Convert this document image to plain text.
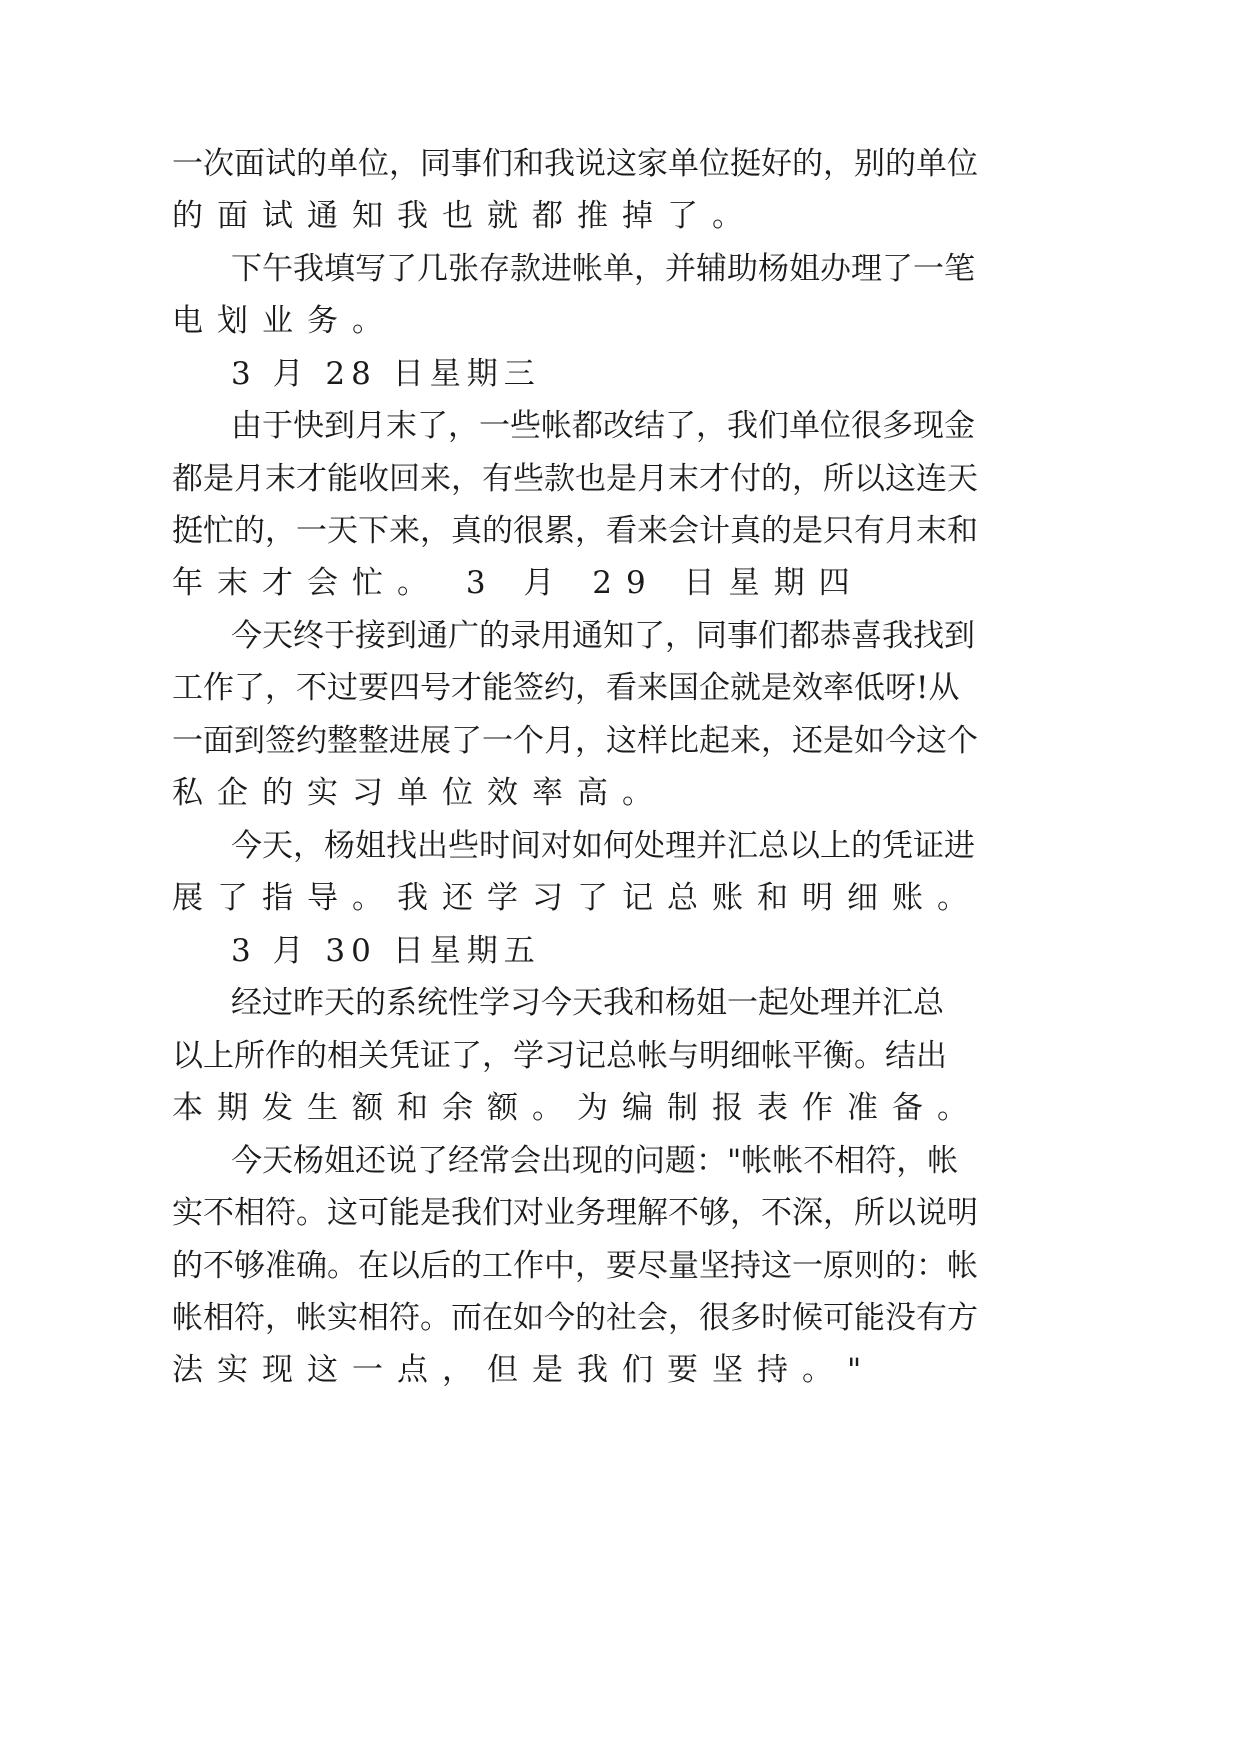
一 次 面 试 的 单 位 ， 同 事 们 和 我 说 这 家 单 位 挺 好 的 ， 别 的 单 位
的面试通知我也就都推掉了。
下 午 我 填 写 了 几 张 存 款 进 帐 单 ， 并 辅 助 杨 姐 办 理 了 一 笔
电划业务。
3 月 28 日星期三
由 于 快 到 月 末 了 ， 一 些 帐 都 改 结 了 ， 我 们 单 位 很 多 现 金
都 是 月 末 才 能 收 回 来 ， 有 些 款 也 是 月 末 才 付 的 ， 所 以 这 连 天
挺 忙 的 ， 一 天 下 来 ， 真 的 很 累 ， 看 来 会 计 真 的 是 只 有 月 末 和
年末才会忙。 3 月 29 日星期四
今 天 终 于 接 到 通 广 的 录 用 通 知 了 ， 同 事 们 都 恭 喜 我 找 到
工 作 了 ， 不 过 要 四 号 才 能 签 约 ， 看 来 国 企 就 是 效 率 低 呀 ! 从
一 面 到 签 约 整 整 进 展 了 一 个 月 ， 这 样 比 起 来 ， 还 是 如 今 这 个
私企的实习单位效率高。
今 天 ， 杨 姐 找 出 些 时 间 对 如 何 处 理 并 汇 总 以 上 的 凭 证 进
展了指导。我还学习了记总账和明细账。
3 月 30 日星期五
经 过 昨 天 的 系 统 性 学 习 今 天 我 和 杨 姐 一 起 处 理 并 汇 总
以 上 所 作 的 相 关 凭 证 了 ， 学 习 记 总 帐 与 明 细 帐 平 衡 。 结 出
本期发生额和余额。为编制报表作准备。
今 天 杨 姐 还 说 了 经 常 会 出 现 的 问 题 ： " 帐 帐 不 相 符 ， 帐
实 不 相 符 。 这 可 能 是 我 们 对 业 务 理 解 不 够 ， 不 深 ， 所 以 说 明
的 不 够 准 确 。 在 以 后 的 工 作 中 ， 要 尽 量 坚 持 这 一 原 则 的 ： 帐
帐 相 符 ， 帐 实 相 符 。 而 在 如 今 的 社 会 ， 很 多 时 候 可 能 没 有 方
法实现这一点，但是我们要坚持。"
